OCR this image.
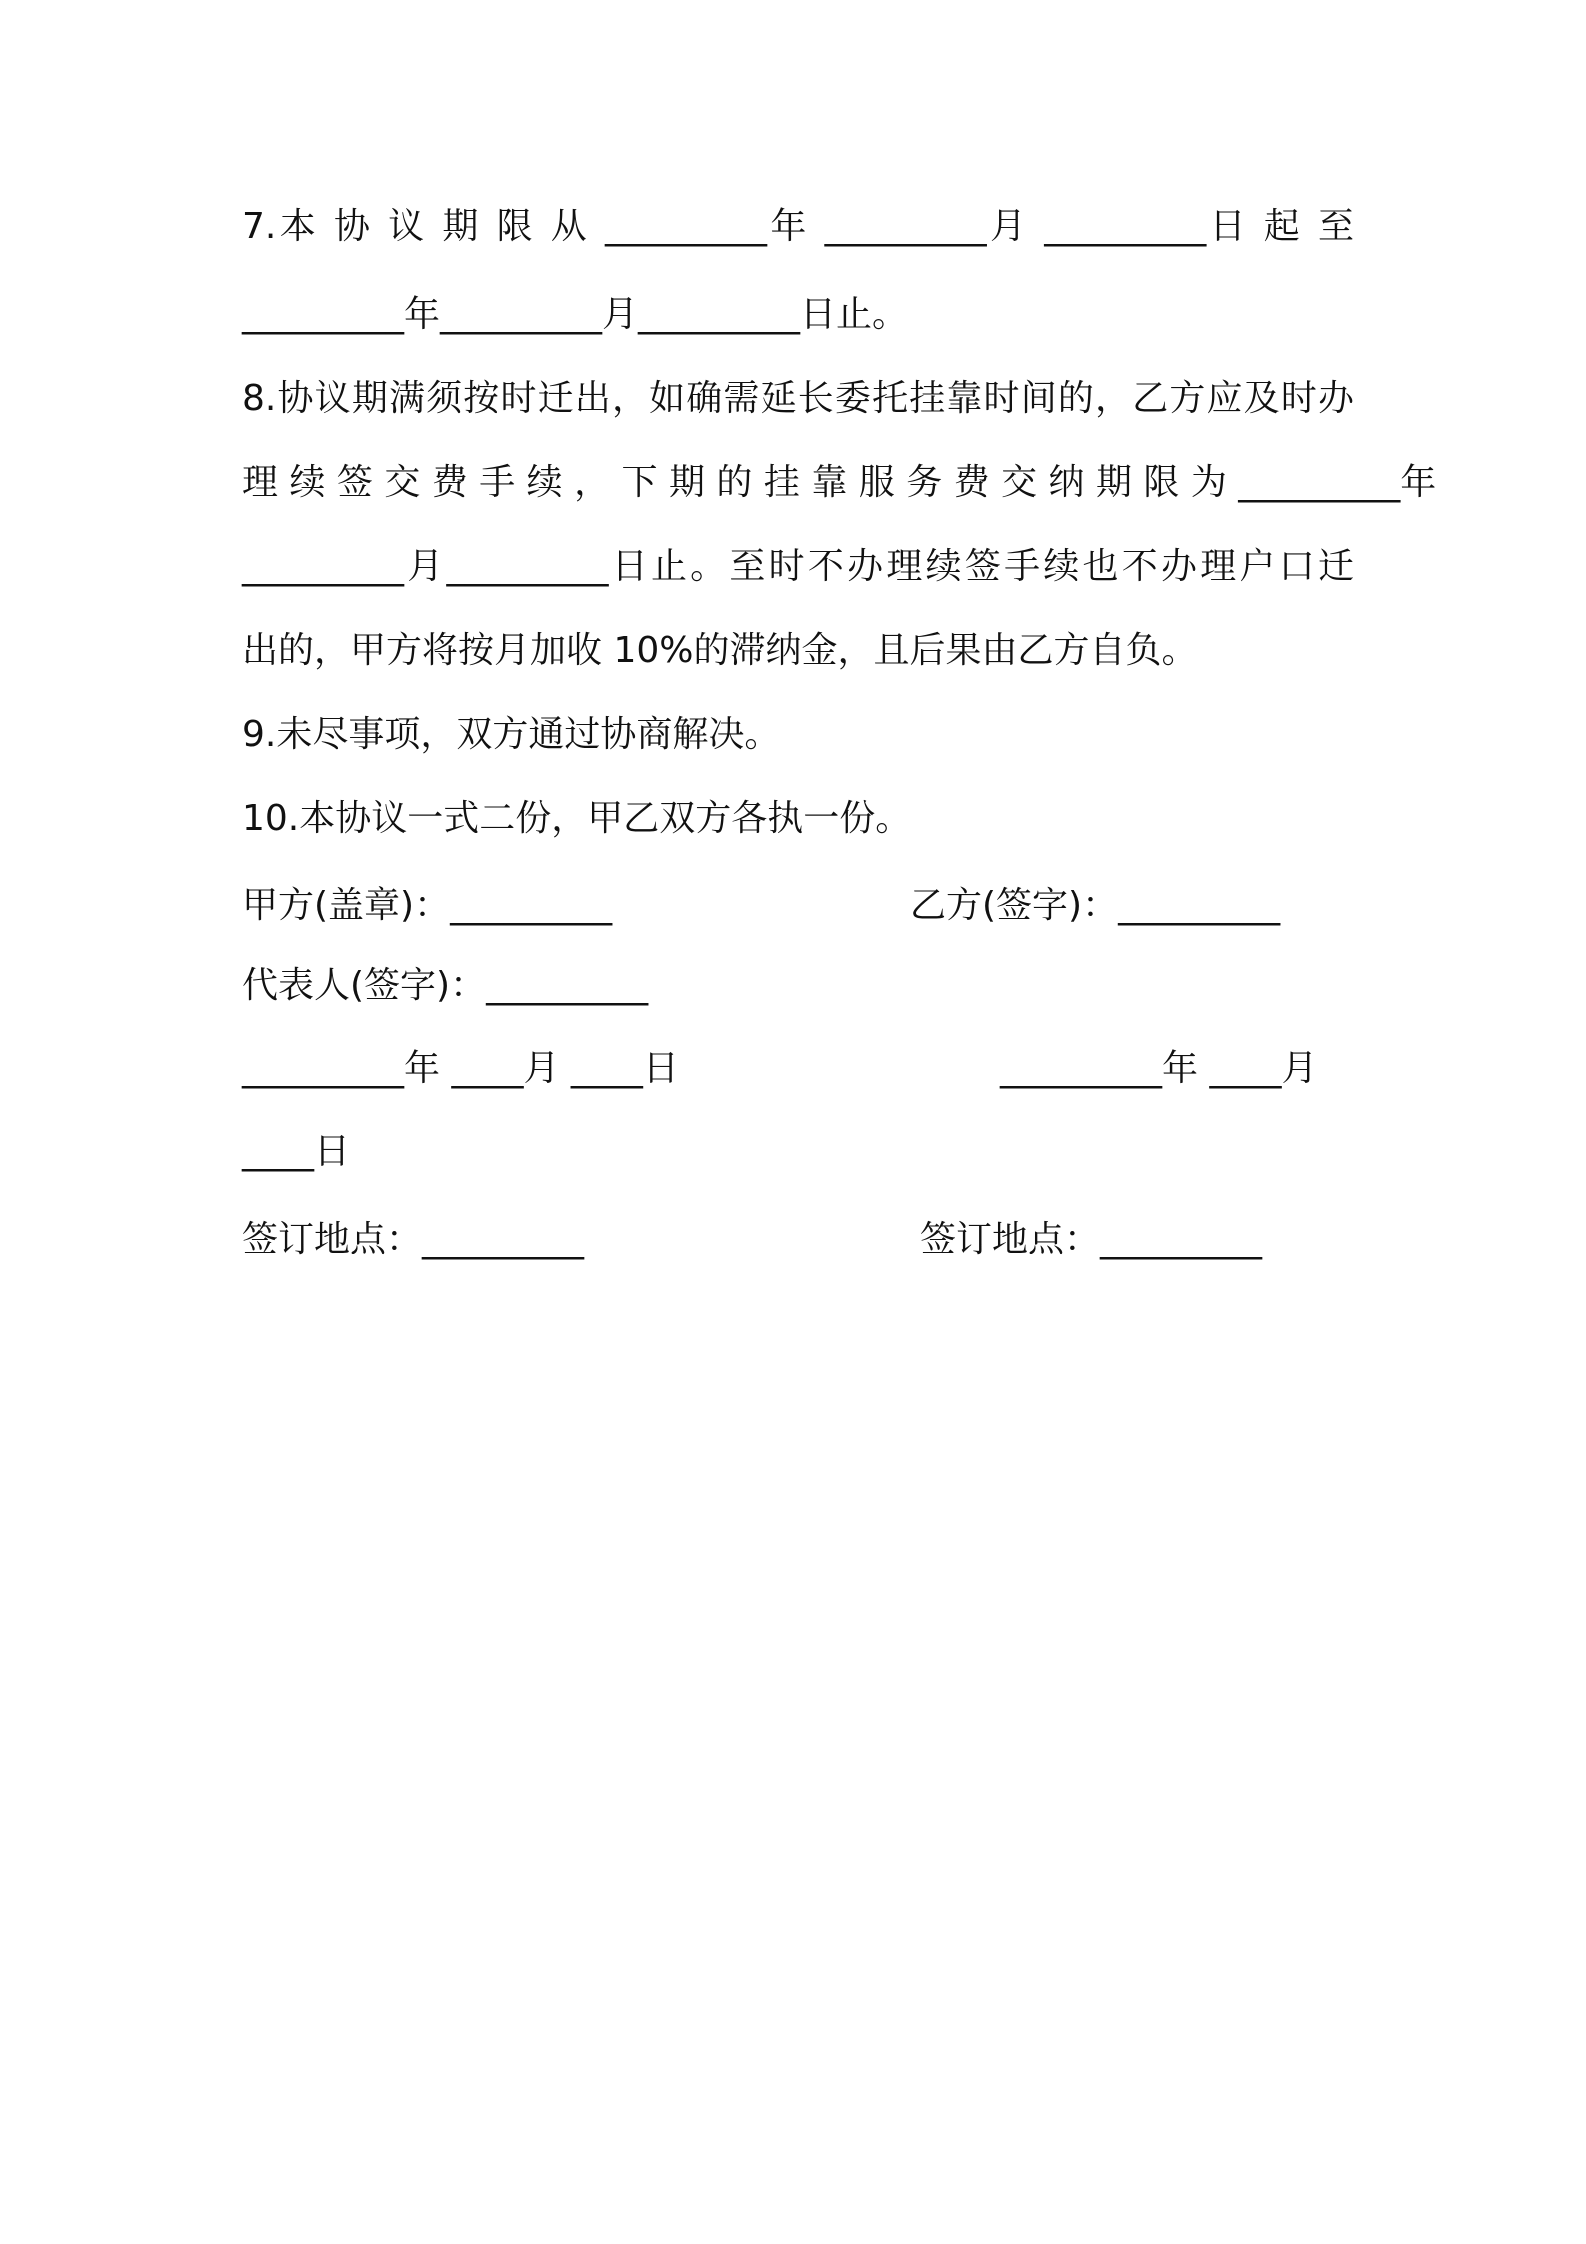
7.本 协 议 期 限 从 _________年 _________月 _________日 起 至
_________年_________月_________日止。
8.协议期满须按时迁出，如确需延长委托挂靠时间的，乙方应及时办
理 续 签 交 费 手 续 ， 下 期 的 挂 靠 服 务 费 交 纳 期 限 为 _________年
_________月_________日止。至时不办理续签手续也不办理户口迁
出的，甲方将按月加收 10%的滞纳金，且后果由乙方自负。
9.未尽事项，双方通过协商解决。
10.本协议一式二份，甲乙双方各执一份。
甲方(盖章)：_________	乙方(签字)：_________
代表人(签字)：_________
_________年 ____月 ____日	_________年 ____月
____日
签订地点：_________	签订地点：_________
